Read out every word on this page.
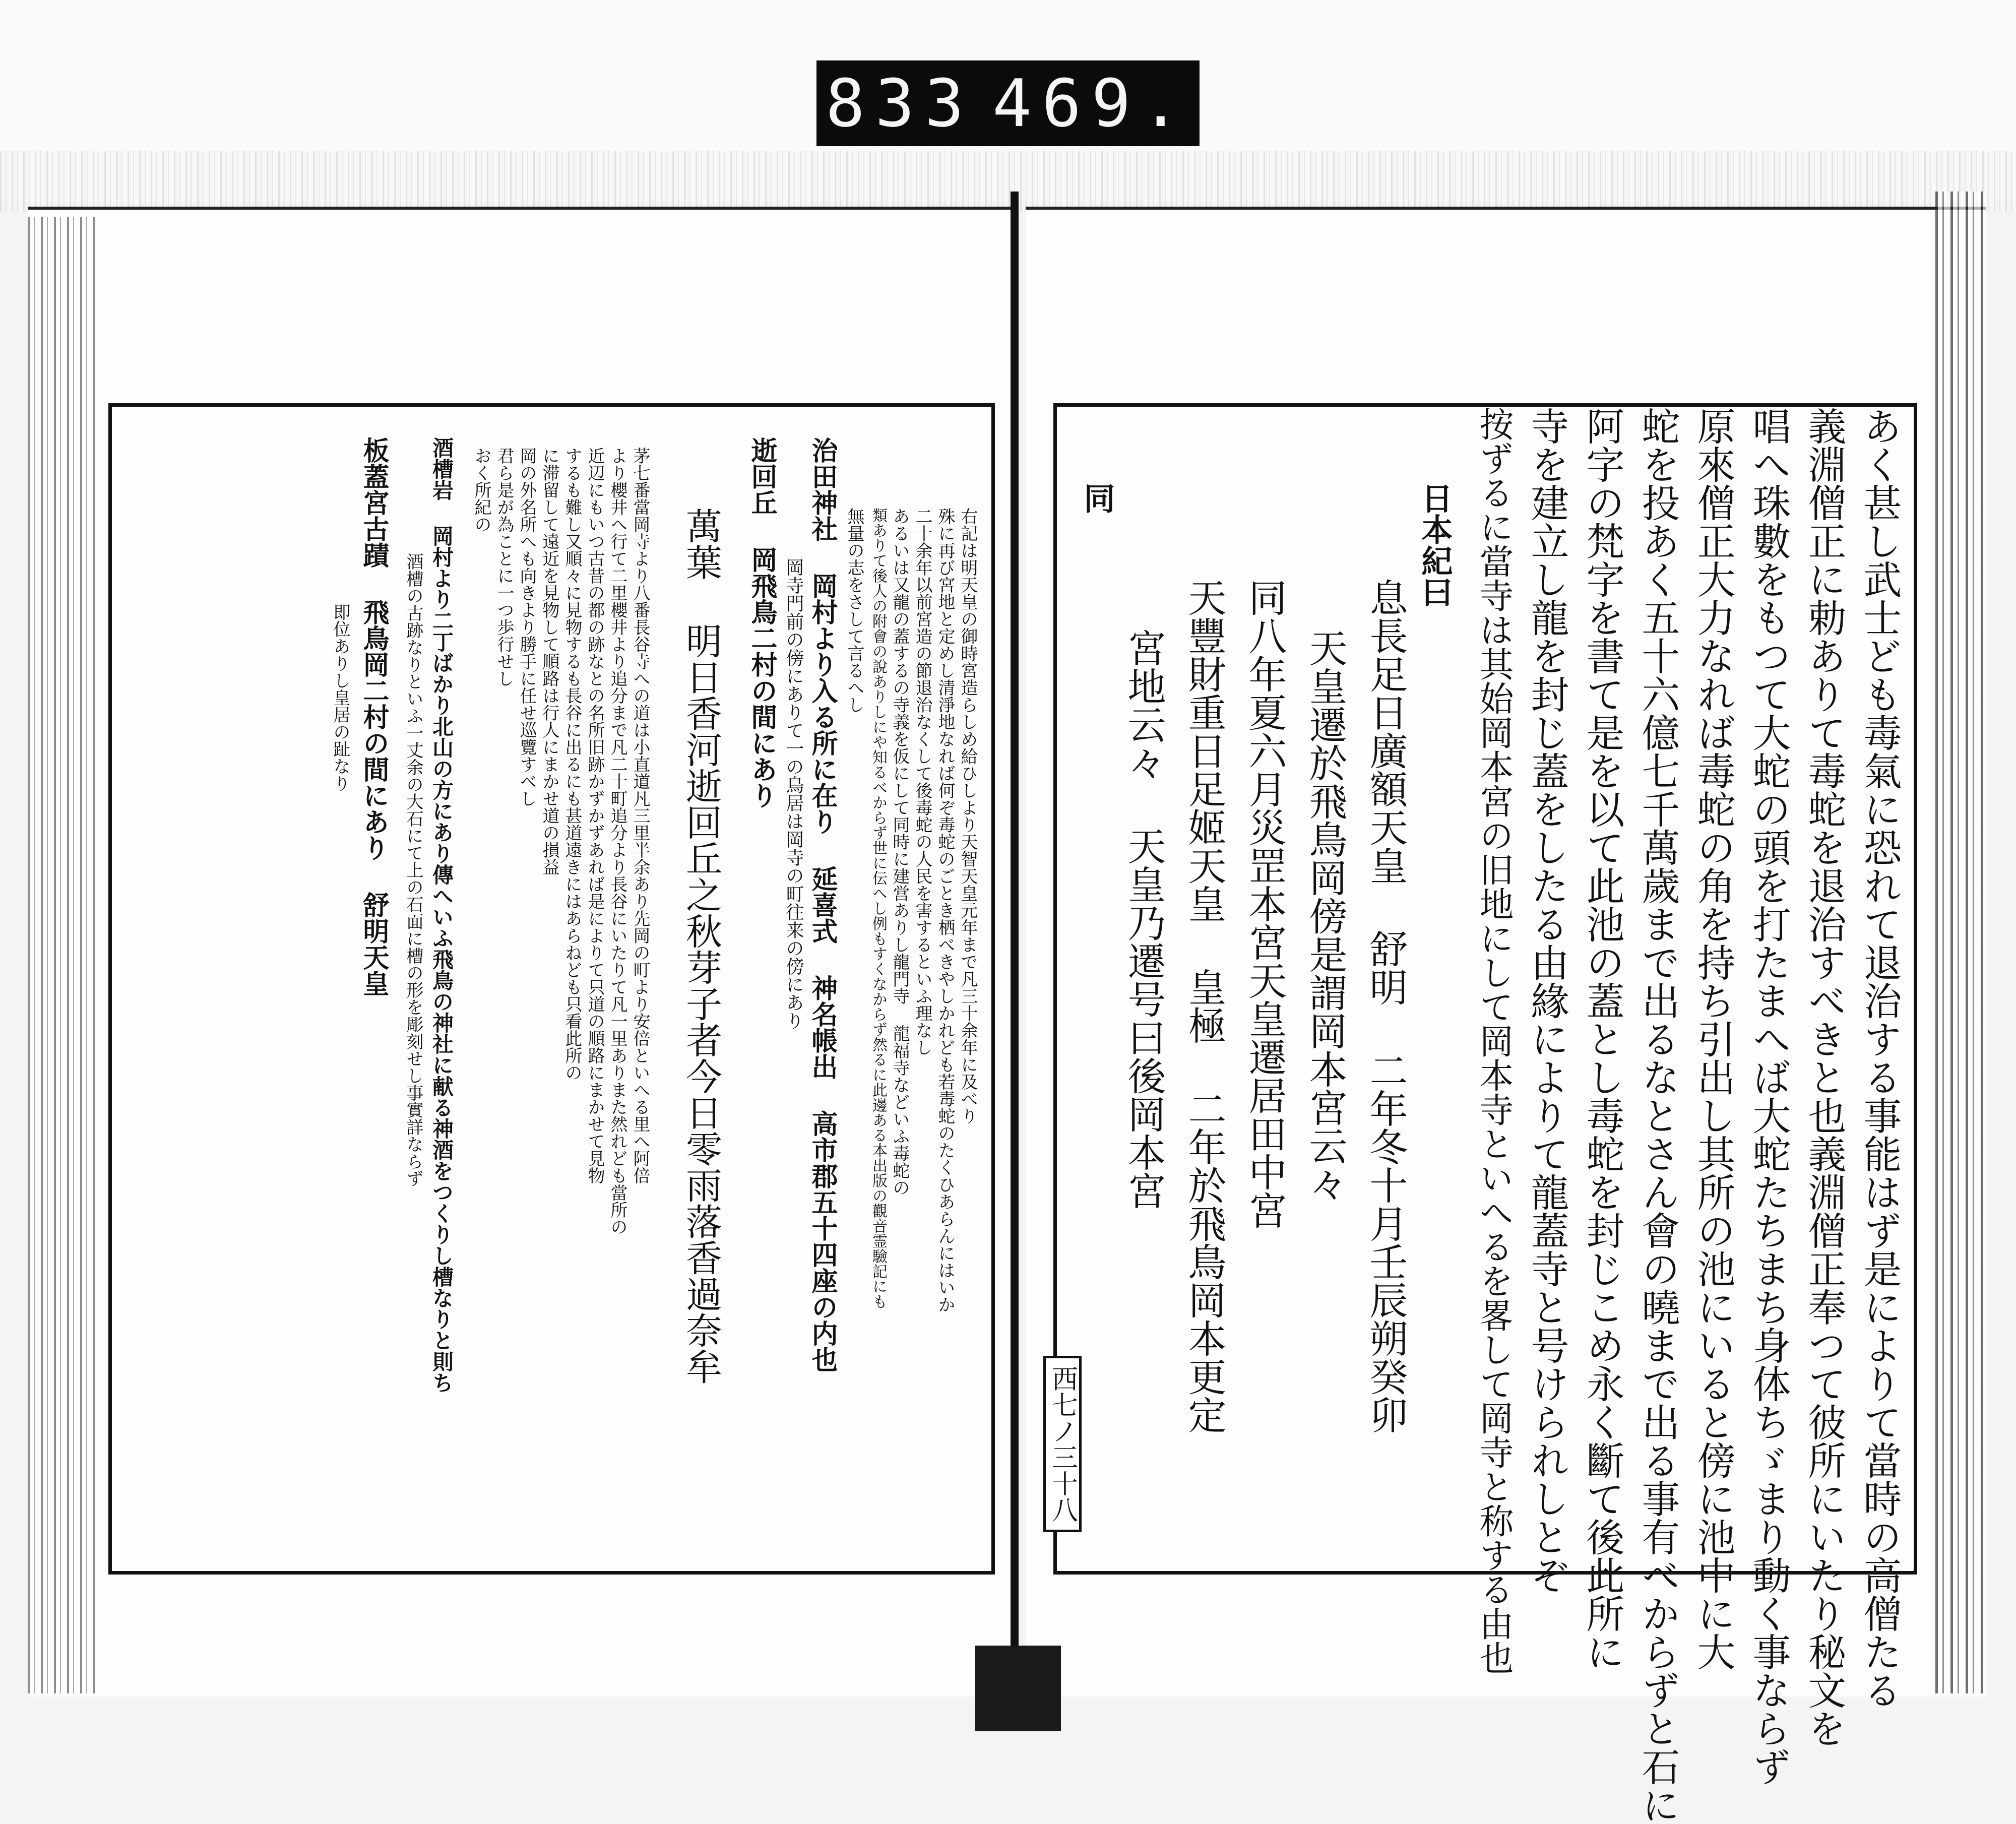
833 469.
あく甚し武士ども毒氣に恐れて退治する事能はず是によりて當時の高僧たる
義淵僧正に勅ありて毒蛇を退治すべきと也義淵僧正奉つて彼所にいたり秘文を
唱へ珠數をもつて大蛇の頭を打たまへば大蛇たちまち身体ちゞまり動く事ならず
原來僧正大力なれば毒蛇の角を持ち引出し其所の池にいると傍に池中に大
蛇を投あく五十六億七千萬歲まで出るなとさん會の曉まで出る事有べからずと石に
阿字の梵字を書て是を以て此池の蓋とし毒蛇を封じこめ永く斷て後此所に
寺を建立し龍を封じ蓋をしたる由緣によりて龍蓋寺と号けられしとぞ
按ずるに當寺は其始岡本宮の旧地にして岡本寺といへるを畧して岡寺と称する由也
日本紀曰
息長足日廣額天皇 舒明 二年冬十月壬辰朔癸卯
天皇遷於飛鳥岡傍是謂岡本宮云々
同八年夏六月災罡本宮天皇遷居田中宮
天豐財重日足姬天皇 皇極 二年於飛鳥岡本更定
宮地云々 天皇乃遷号曰後岡本宮
同
西七ノ三十八
右記は明天皇の御時宮造らしめ給ひしより天智天皇元年まで凡三十余年に及べり
殊に再び宮地と定めし清淨地なれば何ぞ毒蛇のごとき栖べきやしかれども若毒蛇のたくひあらんにはいか
二十余年以前宮造の節退治なくして後毒蛇の人民を害するといふ理なし
あるいは又龍の蓋するの寺義を仮にして同時に建営ありし龍門寺 龍福寺などいふ毒蛇の
類ありて後人の附會の說ありしにや知るべからず世に伝へし例もすくなからず然るに此邊ある本出版の觀音霊驗記にも
無量の志をさして言るへし
治田神社 岡村より入る所に在り 延喜式 神名帳出 高市郡五十四座の内也
岡寺門前の傍にありて一の鳥居は岡寺の町往来の傍にあり
逝回丘 岡飛鳥二村の間にあり
萬葉 明日香河逝回丘之秋芽子者今日零雨落香過奈牟
茅七番當岡寺より八番長谷寺への道は小直道凡三里半余あり先岡の町より安倍といへる里へ阿倍
より櫻井へ行て二里櫻井より追分まで凡二十町追分より長谷にいたりて凡一里ありまた然れども當所の
近辺にもいつ古昔の都の跡なとの名所旧跡かずかずあれば是によりて只道の順路にまかせて見物
するも難し又順々に見物するも長谷に出るにも甚道遠きにはあらねども只看此所の
に滞留して遠近を見物して順路は行人にまかせ道の損益
岡の外名所へも向きより勝手に任せ巡覽すべし
君ら是が為ことに一つ歩行せし
おく所紀の
酒槽岩 岡村より二丁ばかり北山の方にあり傳へいふ飛鳥の神社に献る神酒をつくりし槽なりと則ち
酒槽の古跡なりといふ一丈余の大石にて上の石面に槽の形を彫刻せし事實詳ならず
板蓋宮古蹟 飛鳥岡二村の間にあり 舒明天皇
即位ありし皇居の趾なり
